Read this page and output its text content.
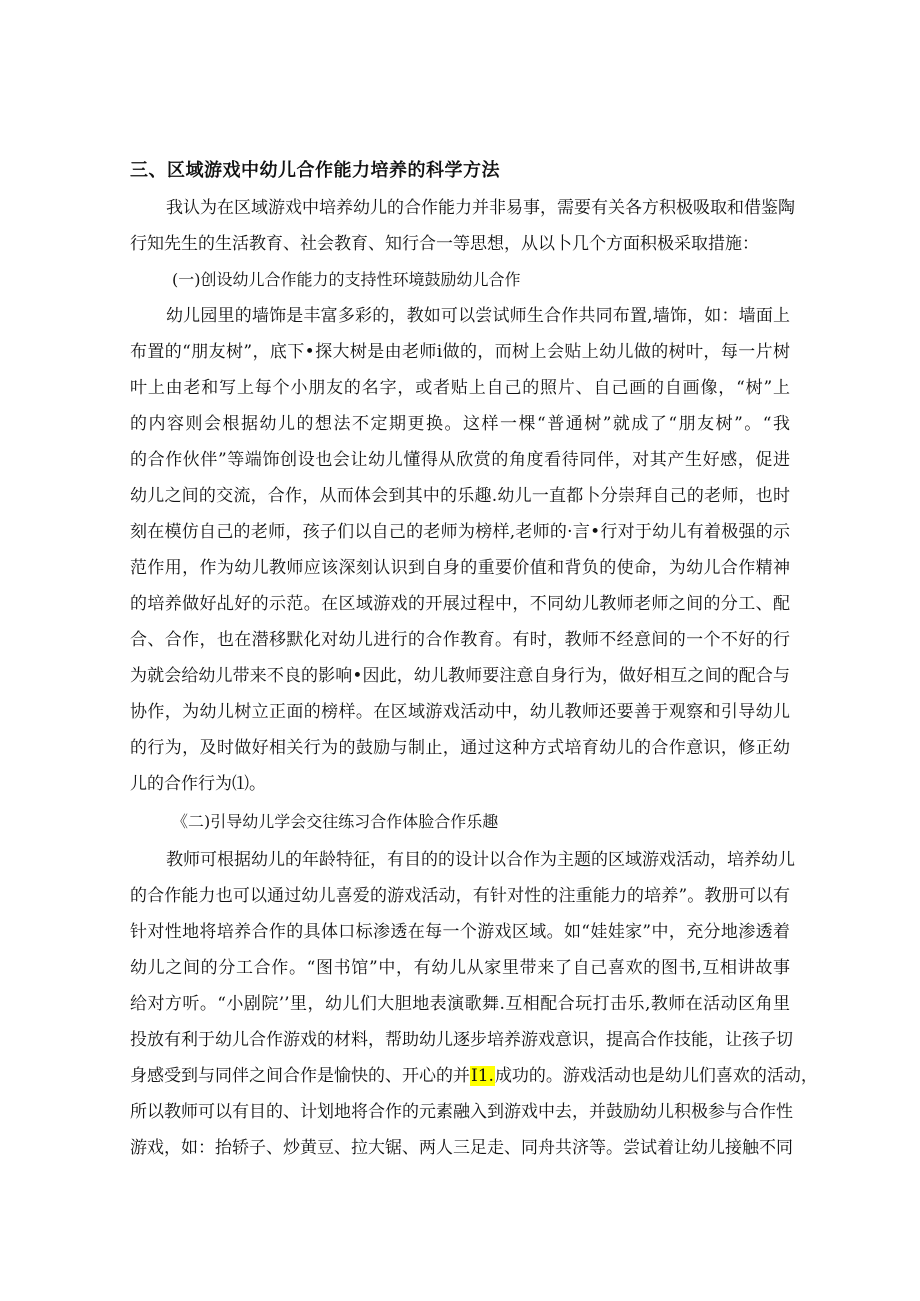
三、区域游戏中幼儿合作能力培养的科学方法
我认为在区域游戏中培养幼儿的合作能力并非易事，需要有关各方积极吸取和借鉴陶
行知先生的生活教育、社会教育、知行合一等思想，从以卜几个方面积极采取措施：
(一)创设幼儿合作能力的支持性环境鼓励幼儿合作
幼儿园里的墙饰是丰富多彩的，教如可以尝试师生合作共同布置,墙饰，如：墙面上
布置的“朋友树”，底下•探大树是由老师i做的，而树上会贴上幼儿做的树叶，每一片树
叶上由老和写上每个小朋友的名字，或者贴上自己的照片、自己画的自画像，“树”上
的内容则会根据幼儿的想法不定期更换。这样一棵“普通树”就成了“朋友树”。“我
的合作伙伴”等端饰创设也会让幼儿懂得从欣赏的角度看待同伴，对其产生好感，促进
幼儿之间的交流，合作，从而体会到其中的乐趣.幼儿一直都卜分崇拜自己的老师，也时
刻在模仿自己的老师，孩子们以自己的老师为榜样,老师的·言•行对于幼儿有着极强的示
范作用，作为幼儿教师应该深刻认识到自身的重要价值和背负的使命，为幼儿合作精神
的培养做好乩好的示范。在区域游戏的开展过程中，不同幼儿教师老师之间的分工、配
合、合作，也在潜移默化对幼儿进行的合作教育。有时，教师不经意间的一个不好的行
为就会给幼儿带来不良的影响•因此，幼儿教师要注意自身行为，做好相互之间的配合与
协作，为幼儿树立正面的榜样。在区域游戏活动中，幼儿教师还要善于观察和引导幼儿
的行为，及时做好相关行为的鼓励与制止，通过这种方式培育幼儿的合作意识，修正幼
儿的合作行为⑴。
《二)引导幼儿学会交往练习合作体脸合作乐趣
教师可根据幼儿的年龄特征，有目的的设计以合作为主题的区域游戏活动，培养幼儿
的合作能力也可以通过幼儿喜爱的游戏活动，有针对性的注重能力的培养”。教册可以有
针对性地将培养合作的具体口标渗透在每一个游戏区域。如“娃娃家”中，充分地渗透着
幼儿之间的分工合作。“图书馆”中，有幼儿从家里带来了自己喜欢的图书,互相讲故事
给对方听。“小剧院’’里，幼儿们大胆地表演歌舞.互相配合玩打击乐,教师在活动区角里
投放有利于幼儿合作游戏的材料，帮助幼儿逐步培养游戏意识，提高合作技能，让孩子切
身感受到与同伴之间合作是愉快的、开心的并I1.成功的。游戏活动也是幼儿们喜欢的活动，
所以教师可以有目的、计划地将合作的元素融入到游戏中去，并鼓励幼儿积极参与合作性
游戏，如：抬轿子、炒黄豆、拉大锯、两人三足走、同舟共济等。尝试着让幼儿接触不同
